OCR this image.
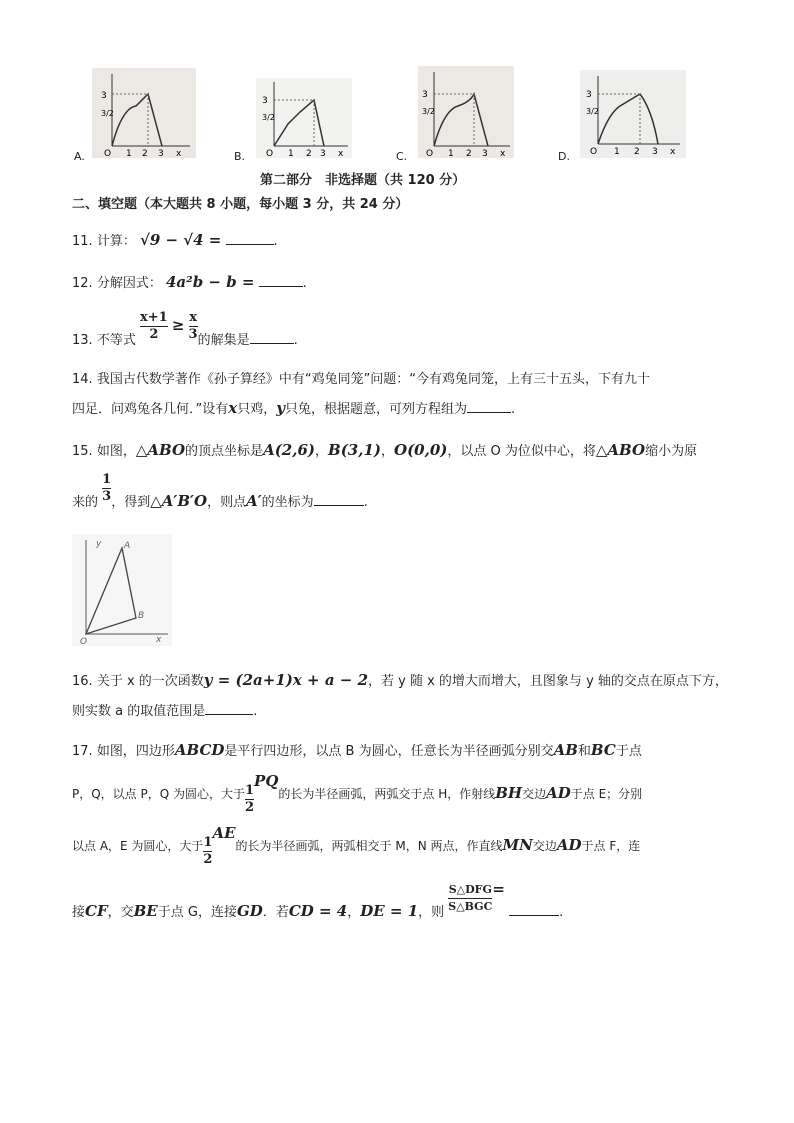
3
3/2
O 1 2 3 x
A.
3
3/2
O 1 2 3 x
B.
3
3/2
O 1 2 3 x
C.
3
3/2
O 1 2 3 x
D.
第二部分　非选择题（共 120 分）
二、填空题（本大题共 8 小题，每小题 3 分，共 24 分）
11. 计算： √9 − √4 =	.
12. 分解因式： 4a²b − b =	.
13. 不等式 $\frac{x+1}{2} \ge \frac{x}{3}$ 的解集是	.
14. 我国古代数学著作《孙子算经》中有“鸡兔同笼”问题：“今有鸡兔同笼，上有三十五头，下有九十
四足．问鸡兔各几何．”设有x只鸡，y只兔，根据题意，可列方程组为	.
15. 如图，△ABO的顶点坐标是A(2,6)，B(3,1)，O(0,0)，以点 O 为位似中心，将△ABO缩小为原
来的 $\frac{1}{3}$ ，得到△A′B′O，则点A′的坐标为	.
y	A
B
O	x
16. 关于 x 的一次函数y = (2a+1)x + a − 2，若 y 随 x 的增大而增大，且图象与 y 轴的交点在原点下方，
则实数 a 的取值范围是	.
17. 如图，四边形ABCD是平行四边形，以点 B 为圆心，任意长为半径画弧分别交AB和BC于点
P，Q，以点 P，Q 为圆心，大于 $\frac{1}{2}$
PQ的长为半径画弧，两弧交于点 H，作射线BH交边AD于点 E；分别
以点 A，E 为圆心，大于 $\frac{1}{2}$
AE的长为半径画弧，两弧相交于 M，N 两点，作直线MN交边AD于点 F，连
接CF，交BE于点 G，连接GD．若CD = 4，DE = 1，则 $\frac{\text{S△DFG}}{\text{S△BGC}}$ = .
